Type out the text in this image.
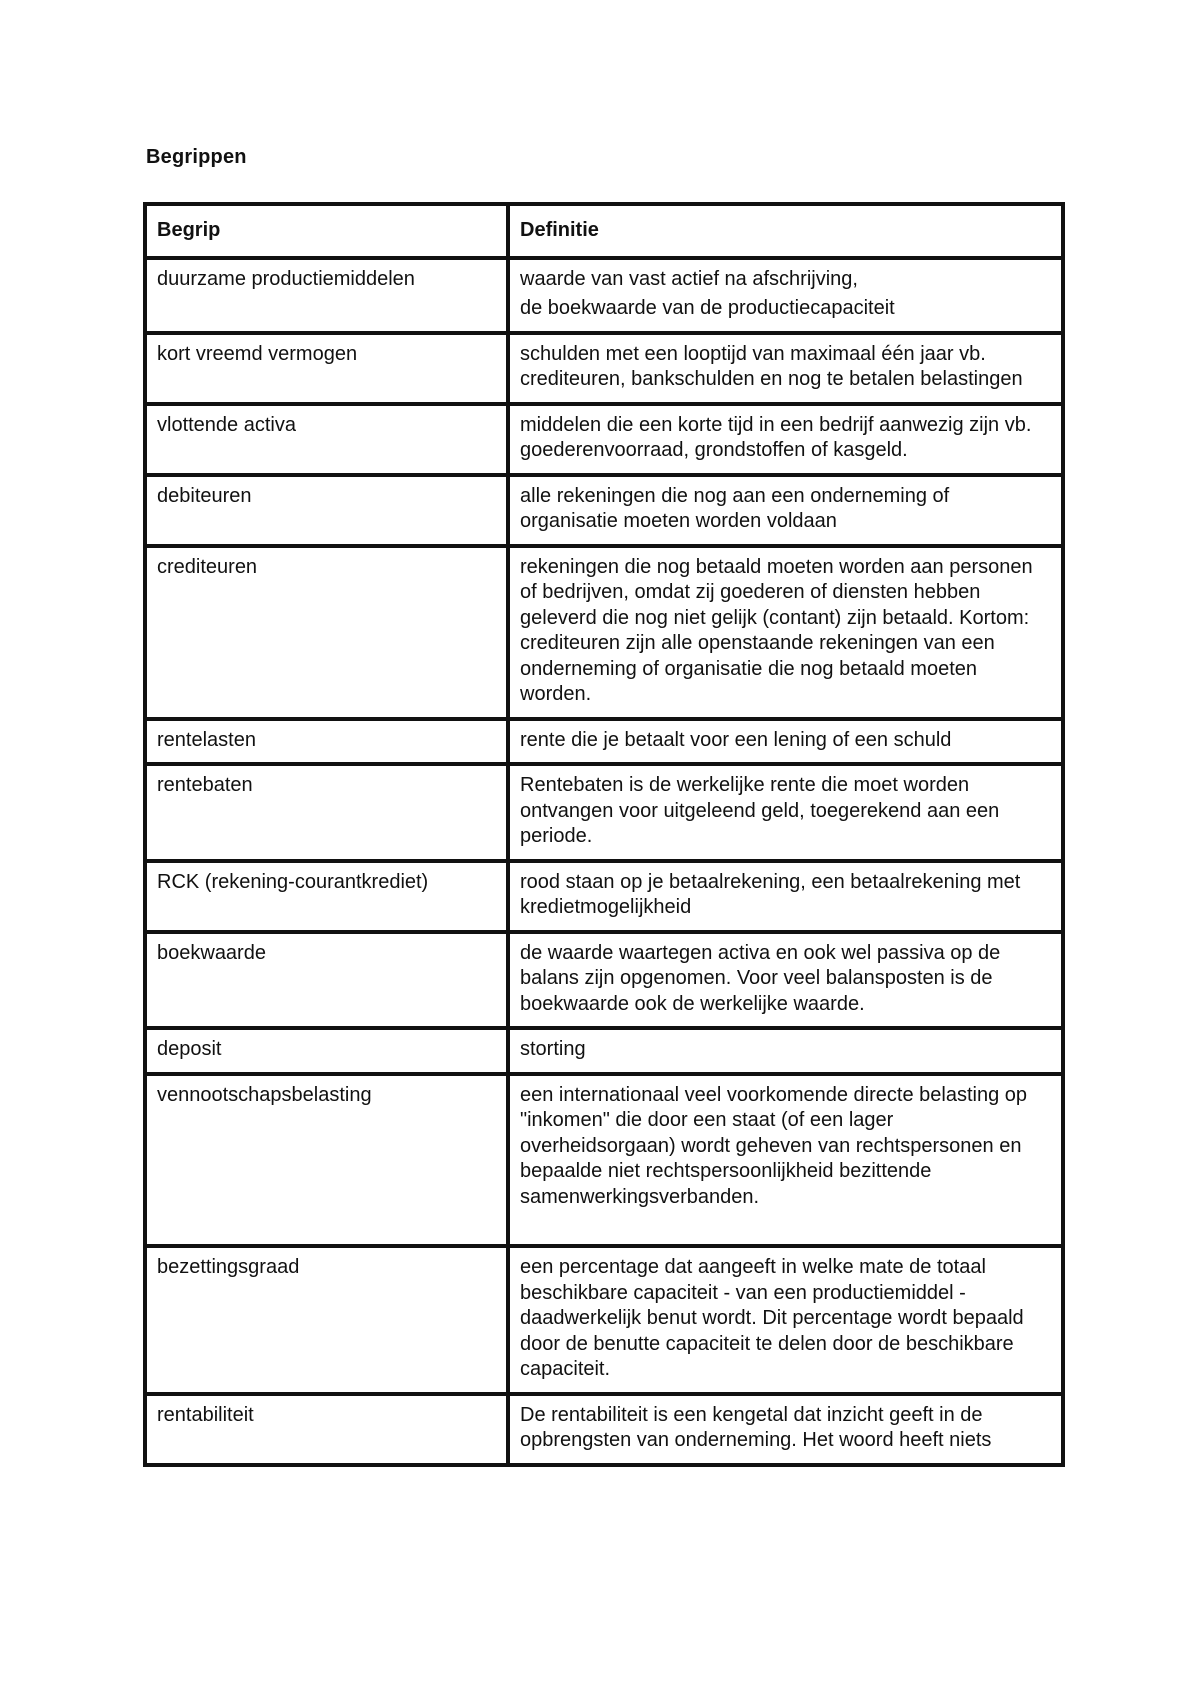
Begrippen
Begrip	Definitie
duurzame productiemiddelen	waarde van vast actief na afschrijving,
de boekwaarde van de productiecapaciteit

kort vreemd vermogen	schulden met een looptijd van maximaal één jaar vb. crediteuren, bankschulden en nog te betalen belastingen
vlottende activa	middelen die een korte tijd in een bedrijf aanwezig zijn vb. goederenvoorraad, grondstoffen of kasgeld.
debiteuren	alle rekeningen die nog aan een onderneming of organisatie moeten worden voldaan
crediteuren	rekeningen die nog betaald moeten worden aan personen of bedrijven, omdat zij goederen of diensten hebben geleverd die nog niet gelijk (contant) zijn betaald. Kortom: crediteuren zijn alle openstaande rekeningen van een onderneming of organisatie die nog betaald moeten worden.
rentelasten	rente die je betaalt voor een lening of een schuld
rentebaten	Rentebaten is de werkelijke rente die moet worden ontvangen voor uitgeleend geld, toegerekend aan een periode.
RCK (rekening-courantkrediet)	rood staan op je betaalrekening, een betaalrekening met kredietmogelijkheid
boekwaarde	de waarde waartegen activa en ook wel passiva op de balans zijn opgenomen. Voor veel balansposten is de boekwaarde ook de werkelijke waarde.
deposit	storting
vennootschapsbelasting	een internationaal veel voorkomende directe belasting op "inkomen" die door een staat (of een lager overheidsorgaan) wordt geheven van rechtspersonen en bepaalde niet rechtspersoonlijkheid bezittende samenwerkingsverbanden.
bezettingsgraad	een percentage dat aangeeft in welke mate de totaal beschikbare capaciteit - van een productiemiddel - daadwerkelijk benut wordt. Dit percentage wordt bepaald door de benutte capaciteit te delen door de beschikbare capaciteit.
rentabiliteit	De rentabiliteit is een kengetal dat inzicht geeft in de opbrengsten van onderneming. Het woord heeft niets
